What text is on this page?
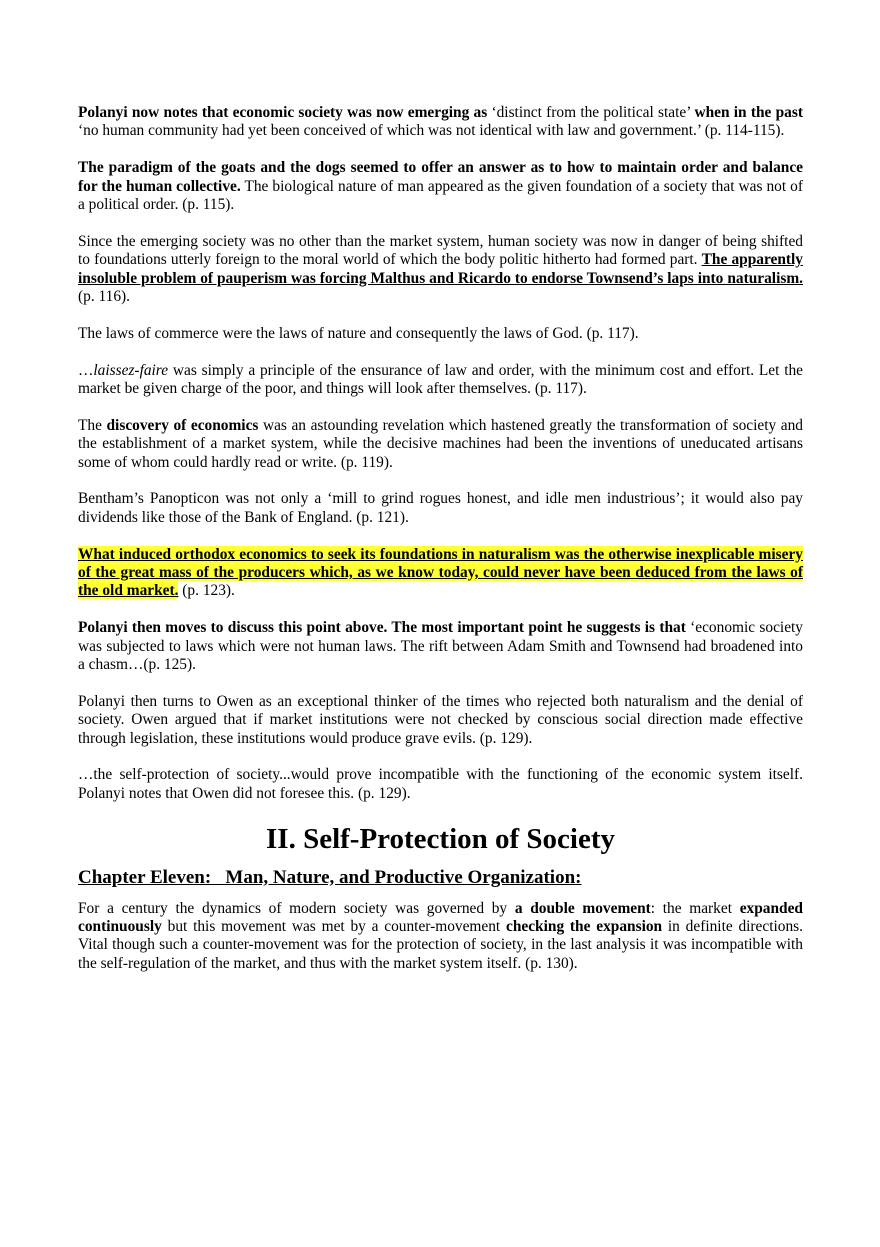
Polanyi now notes that economic society was now emerging as ‘distinct from the political state’ when in the past ‘no human community had yet been conceived of which was not identical with law and government.’ (p. 114-115).

The paradigm of the goats and the dogs seemed to offer an answer as to how to maintain order and balance for the human collective. The biological nature of man appeared as the given foundation of a society that was not of a political order. (p. 115).

Since the emerging society was no other than the market system, human society was now in danger of being shifted to foundations utterly foreign to the moral world of which the body politic hitherto had formed part. The apparently insoluble problem of pauperism was forcing Malthus and Ricardo to endorse Townsend’s laps into naturalism. (p. 116).

The laws of commerce were the laws of nature and consequently the laws of God. (p. 117).

…laissez-faire was simply a principle of the ensurance of law and order, with the minimum cost and effort. Let the market be given charge of the poor, and things will look after themselves. (p. 117).

The discovery of economics was an astounding revelation which hastened greatly the transformation of society and the establishment of a market system, while the decisive machines had been the inventions of uneducated artisans some of whom could hardly read or write. (p. 119).

Bentham’s Panopticon was not only a ‘mill to grind rogues honest, and idle men industrious’; it would also pay dividends like those of the Bank of England. (p. 121).

What induced orthodox economics to seek its foundations in naturalism was the otherwise inexplicable misery of the great mass of the producers which, as we know today, could never have been deduced from the laws of the old market. (p. 123).

Polanyi then moves to discuss this point above. The most important point he suggests is that ‘economic society was subjected to laws which were not human laws. The rift between Adam Smith and Townsend had broadened into a chasm…(p. 125).

Polanyi then turns to Owen as an exceptional thinker of the times who rejected both naturalism and the denial of society. Owen argued that if market institutions were not checked by conscious social direction made effective through legislation, these institutions would produce grave evils. (p. 129).

…the self-protection of society...would prove incompatible with the functioning of the economic system itself. Polanyi notes that Owen did not foresee this. (p. 129).

II. Self-Protection of Society
Chapter Eleven:   Man, Nature, and Productive Organization:

For a century the dynamics of modern society was governed by a double movement: the market expanded continuously but this movement was met by a counter-movement checking the expansion in definite directions. Vital though such a counter-movement was for the protection of society, in the last analysis it was incompatible with the self-regulation of the market, and thus with the market system itself. (p. 130).
